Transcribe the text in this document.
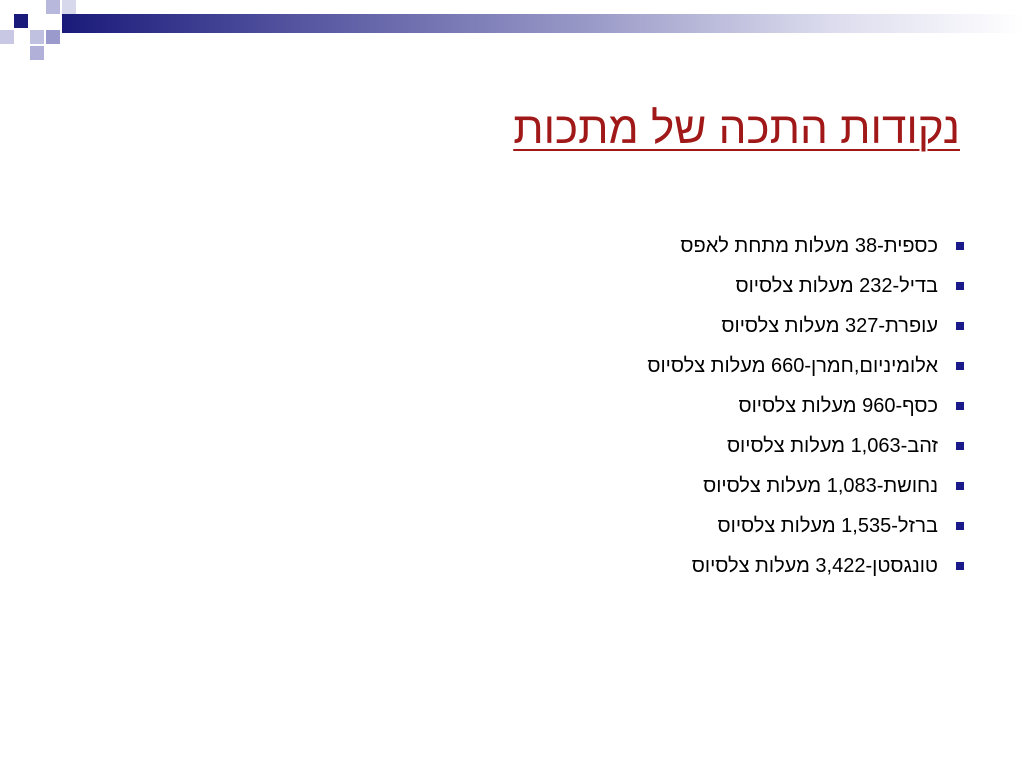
נקודות התכה של מתכות
כספית-38 מעלות מתחת לאפס
בדיל-232 מעלות צלסיוס
עופרת-327 מעלות צלסיוס
אלומיניום,חמרן-660 מעלות צלסיוס
כסף-960 מעלות צלסיוס
זהב-1,063 מעלות צלסיוס
נחושת-1,083 מעלות צלסיוס
ברזל-1,535 מעלות צלסיוס
טונגסטן-3,422 מעלות צלסיוס
